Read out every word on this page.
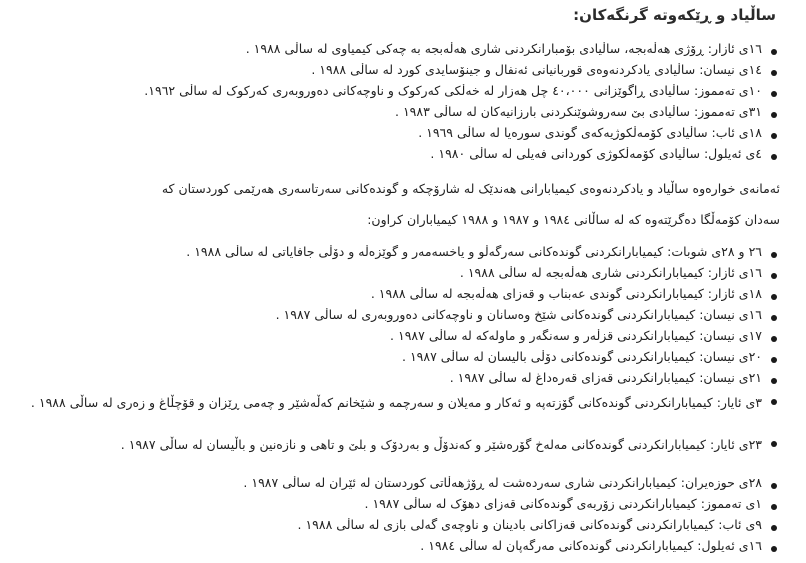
ساڵیاد و ڕێکەوتە گرنگەکان:
١٦ی ئازار: ڕۆژی هەڵەبجە، ساڵیادی بۆمبارانکردنی شاری هەڵەبجە بە چەکی کیمیاوی لە ساڵی ١٩٨٨ .
١٤ی نیسان: ساڵیادی یادکردنەوەی قوربانیانی ئەنفال و جینۆسایدی کورد لە ساڵی ١٩٨٨ .
١٠ی تەمموز: ساڵیادی ڕاگوێزانی ٤٠،٠٠٠ چل هەزار لە خەڵکی کەرکوک و ناوچەکانی دەوروبەری کەرکوک لە ساڵی ١٩٦٢.
٣١ی تەمموز: ساڵیادی بێ سەروشوێنکردنی بارزانیەکان لە ساڵی ١٩٨٣ .
١٨ی ئاب: ساڵیادی کۆمەڵکوژیەکەی گوندی سورەیا لە ساڵی ١٩٦٩ .
٤ی ئەیلول: ساڵیادی کۆمەڵکوژی کوردانی فەیلی لە ساڵی ١٩٨٠ .
ئەمانەی خوارەوە ساڵیاد و یادکردنەوەی کیمیابارانی هەندێک لە شارۆچکە و گوندەکانی سەرتاسەری هەرێمی کوردستان کە
سەدان کۆمەڵگا دەگرێتەوە کە لە ساڵانی ١٩٨٤ و ١٩٨٧ و ١٩٨٨ کیمیاباران کراون:
٢٦ و ٢٨ی شوبات: کیمیابارانکردنی گوندەکانی سەرگەڵو و یاخسەمەر و گوێزەڵە و دۆڵی جافایاتی لە ساڵی ١٩٨٨ .
١٦ی ئازار: کیمیابارانکردنی شاری هەڵەبجە لە ساڵی ١٩٨٨ .
١٨ی ئازار: کیمیابارانکردنی گوندی عەبناب و قەزای هەڵەبجە لە ساڵی ١٩٨٨ .
١٦ی نیسان: کیمیابارانکردنی گوندەکانی شێخ وەسانان و ناوچەکانی دەوروبەری لە ساڵی ١٩٨٧ .
١٧ی نیسان: کیمیابارانکردنی قزڵەر و سەنگەر و ماولەکە لە ساڵی ١٩٨٧ .
٢٠ی نیسان: کیمیابارانکردنی گوندەکانی دۆڵی بالیسان لە ساڵی ١٩٨٧ .
٢١ی نیسان: کیمیابارانکردنی قەزای قەرەداغ لە ساڵی ١٩٨٧ .
٣ی ئایار: کیمیابارانکردنی گوندەکانی گۆزتەپە و ئەکار و مەیلان و سەرچمە و شێخانم کەڵەشێر و چەمی ڕێزان و قۆچڵاغ و زەری لە ساڵی ١٩٨٨ .
٢٣ی ئایار: کیمیابارانکردنی گوندەکانی مەلەخ گۆرەشێر و کەندۆڵ و بەردۆک و بلێ و تاهی و نازەنین و باڵیسان لە ساڵی ١٩٨٧ .
٢٨ی حوزەیران: کیمیابارانکردنی شاری سەردەشت لە ڕۆژهەڵاتی کوردستان لە ئێران لە ساڵی ١٩٨٧ .
١ی تەمموز: کیمیابارانکردنی زۆربەی گوندەکانی قەزای دهۆک لە ساڵی ١٩٨٧ .
٩ی ئاب: کیمیابارانکردنی گوندەکانی قەزاکانی بادینان و ناوچەی گەلی بازی لە ساڵی ١٩٨٨ .
١٦ی ئەیلول: کیمیابارانکردنی گوندەکانی مەرگەپان لە ساڵی ١٩٨٤ .
